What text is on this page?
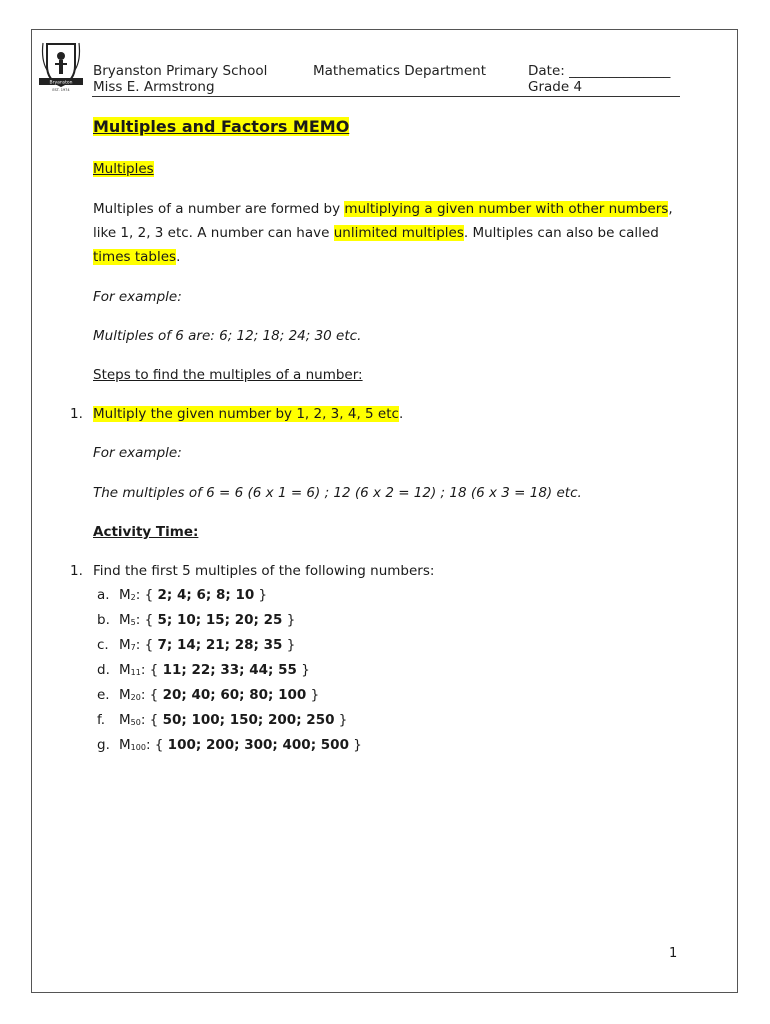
Bryanston
EST. 1974
Bryanston Primary School
Miss E. Armstrong
Mathematics Department	Date: _______________
Grade 4
Multiples and Factors MEMO
Multiples
Multiples of a number are formed by multiplying a given number with other numbers,
like 1, 2, 3 etc. A number can have unlimited multiples. Multiples can also be called
times tables.
For example:
Multiples of 6 are: 6; 12; 18; 24; 30 etc.
Steps to find the multiples of a number:
1. Multiply the given number by 1, 2, 3, 4, 5 etc.
For example:
The multiples of 6 = 6 (6 x 1 = 6) ; 12 (6 x 2 = 12) ; 18 (6 x 3 = 18) etc.
Activity Time:
1. Find the first 5 multiples of the following numbers:
a. $M_2$: { 2; 4; 6; 8; 10 }
b. $M_5$: { 5; 10; 15; 20; 25 }
c. $M_7$: { 7; 14; 21; 28; 35 }
d. $M_{11}$: { 11; 22; 33; 44; 55 }
e. $M_{20}$: { 20; 40; 60; 80; 100 }
f. $M_{50}$: { 50; 100; 150; 200; 250 }
g. $M_{100}$: { 100; 200; 300; 400; 500 }
1
